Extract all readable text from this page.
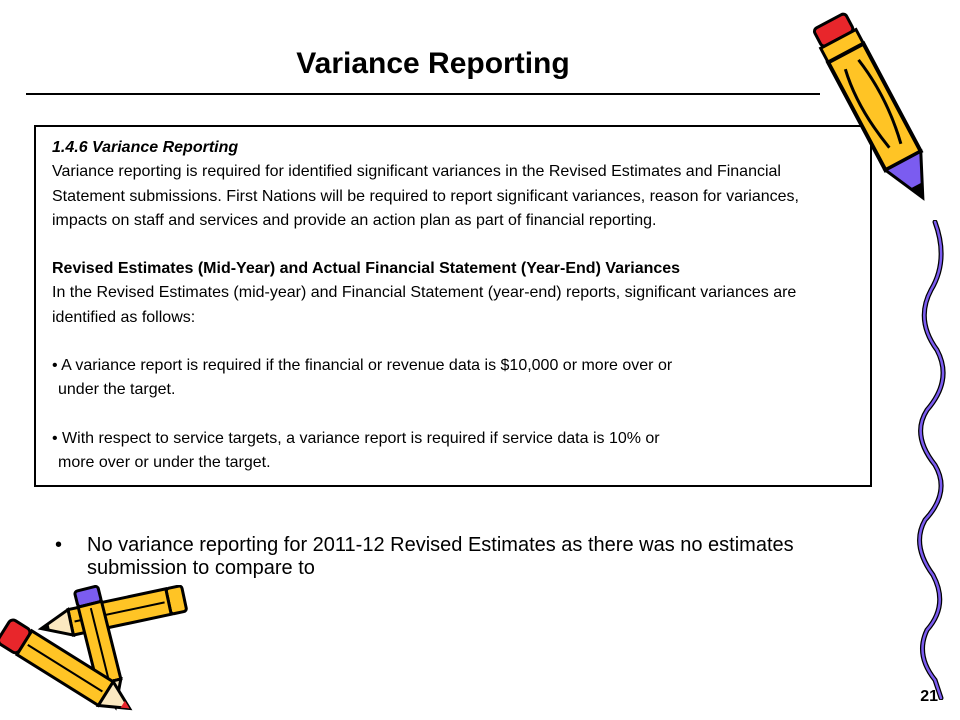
Variance Reporting

1.4.6 Variance Reporting

Variance reporting is required for identified significant variances in the Revised Estimates and Financial Statement submissions. First Nations will be required to report significant variances, reason for variances, impacts on staff and services and provide an action plan as part of financial reporting.

Revised Estimates (Mid-Year) and Actual Financial Statement (Year-End) Variances

In the Revised Estimates (mid-year) and Financial Statement (year-end) reports, significant variances are identified as follows:

• A variance report is required if the financial or revenue data is $10,000 or more over or
under the target.

• With respect to service targets, a variance report is required if service data is 10% or
more over or under the target.

•	No variance reporting for 2011-12 Revised Estimates as there was no estimates submission to compare to
21
